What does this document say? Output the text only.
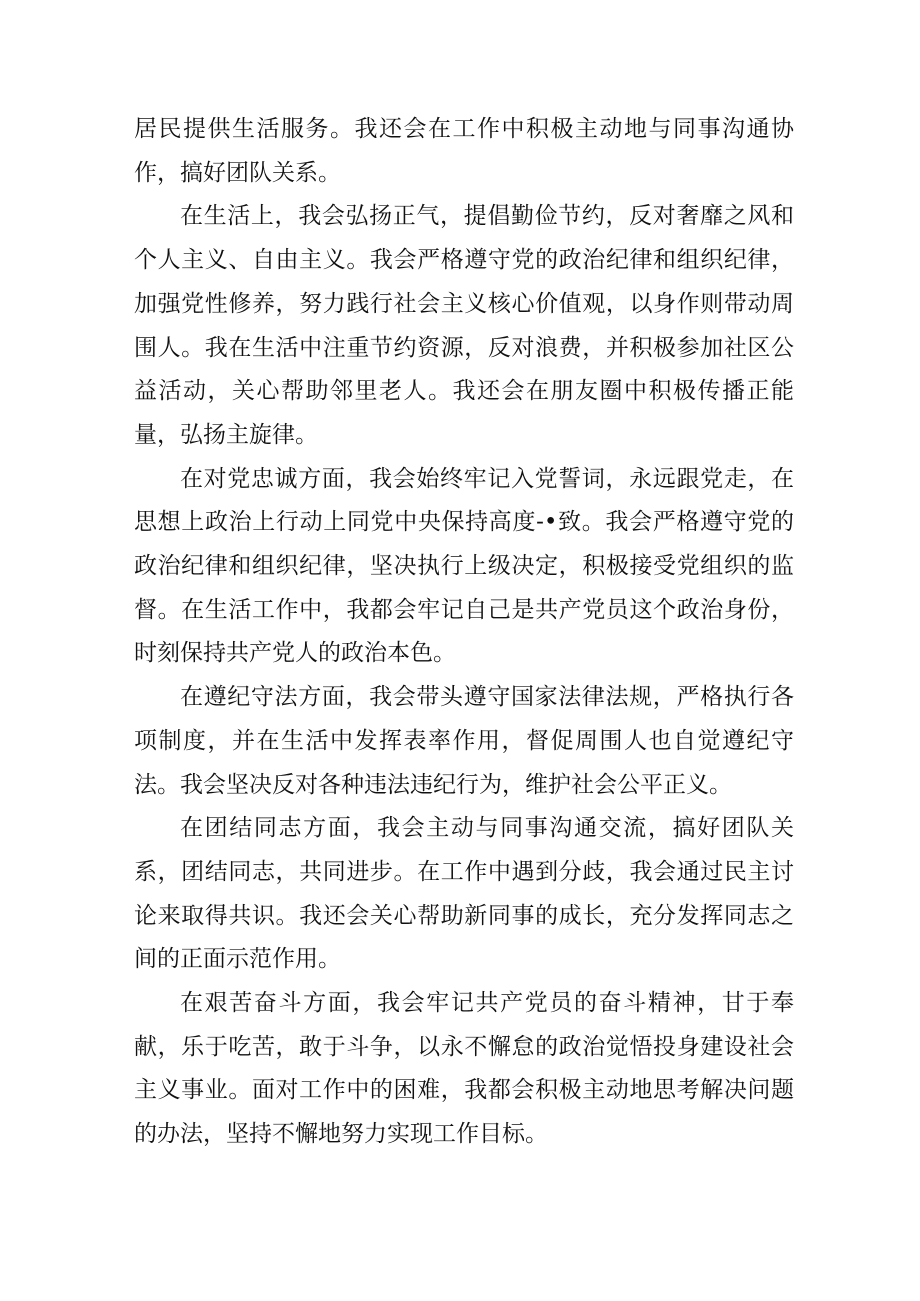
居民提供生活服务。我还会在工作中积极主动地与同事沟通协作，搞好团队关系。

在生活上，我会弘扬正气，提倡勤俭节约，反对奢靡之风和个人主义、自由主义。我会严格遵守党的政治纪律和组织纪律，加强党性修养，努力践行社会主义核心价值观，以身作则带动周围人。我在生活中注重节约资源，反对浪费，并积极参加社区公益活动，关心帮助邻里老人。我还会在朋友圈中积极传播正能量，弘扬主旋律。

在对党忠诚方面，我会始终牢记入党誓词，永远跟党走，在思想上政治上行动上同党中央保持高度-•致。我会严格遵守党的政治纪律和组织纪律，坚决执行上级决定，积极接受党组织的监督。在生活工作中，我都会牢记自己是共产党员这个政治身份，时刻保持共产党人的政治本色。

在遵纪守法方面，我会带头遵守国家法律法规，严格执行各项制度，并在生活中发挥表率作用，督促周围人也自觉遵纪守法。我会坚决反对各种违法违纪行为，维护社会公平正义。

在团结同志方面，我会主动与同事沟通交流，搞好团队关系，团结同志，共同进步。在工作中遇到分歧，我会通过民主讨论来取得共识。我还会关心帮助新同事的成长，充分发挥同志之间的正面示范作用。

在艰苦奋斗方面，我会牢记共产党员的奋斗精神，甘于奉献，乐于吃苦，敢于斗争，以永不懈怠的政治觉悟投身建设社会主义事业。面对工作中的困难，我都会积极主动地思考解决问题的办法，坚持不懈地努力实现工作目标。
